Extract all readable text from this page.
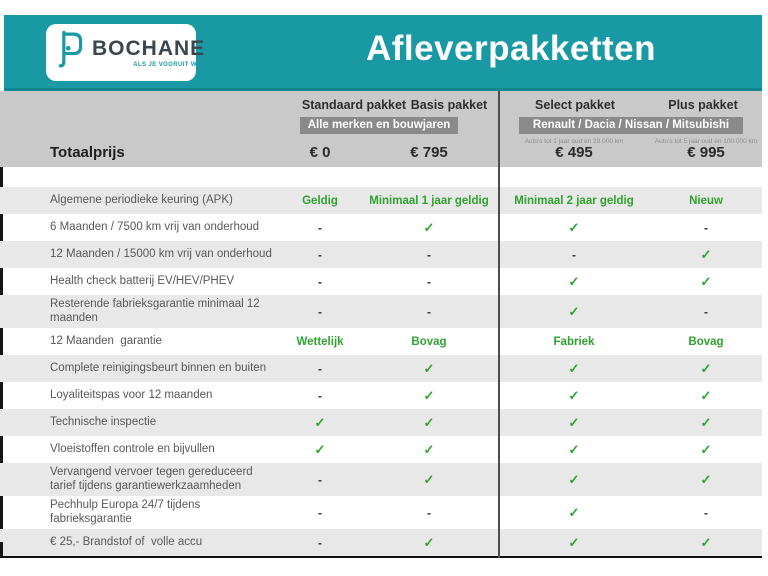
BOCHANE
ALS JE VOORUIT WIL.	Afleverpakketten
Standaard pakket Basis pakket	Select pakket	Plus pakket
Alle merken en bouwjaren	Renault / Dacia / Nissan / Mitsubishi
Auto's tot 1 jaar oud en 20.000 km	Auto's tot 5 jaar oud en 100.000 km
Totaalprijs	€ 0	€ 795	€ 495	€ 995
Algemene periodieke keuring (APK)	Geldig	Minimaal 1 jaar geldig	Minimaal 2 jaar geldig	Nieuw
6 Maanden / 7500 km vrij van onderhoud	-	✓	✓	-
12 Maanden / 15000 km vrij van onderhoud	-	-	-	✓
Health check batterij EV/HEV/PHEV	-	-	✓	✓
Resterende fabrieksgarantie minimaal 12 maanden	-	-	✓	-
12 Maanden  garantie	Wettelijk	Bovag	Fabriek	Bovag
Complete reinigingsbeurt binnen en buiten	-	✓	✓	✓
Loyaliteitspas voor 12 maanden	-	✓	✓	✓
Technische inspectie	✓	✓	✓	✓
Vloeistoffen controle en bijvullen	✓	✓	✓	✓
Vervangend vervoer tegen gereduceerd tarief tijdens garantiewerkzaamheden	-	✓	✓	✓
Pechhulp Europa 24/7 tijdens fabrieksgarantie	-	-	✓	-
€ 25,- Brandstof of  volle accu	-	✓	✓	✓
